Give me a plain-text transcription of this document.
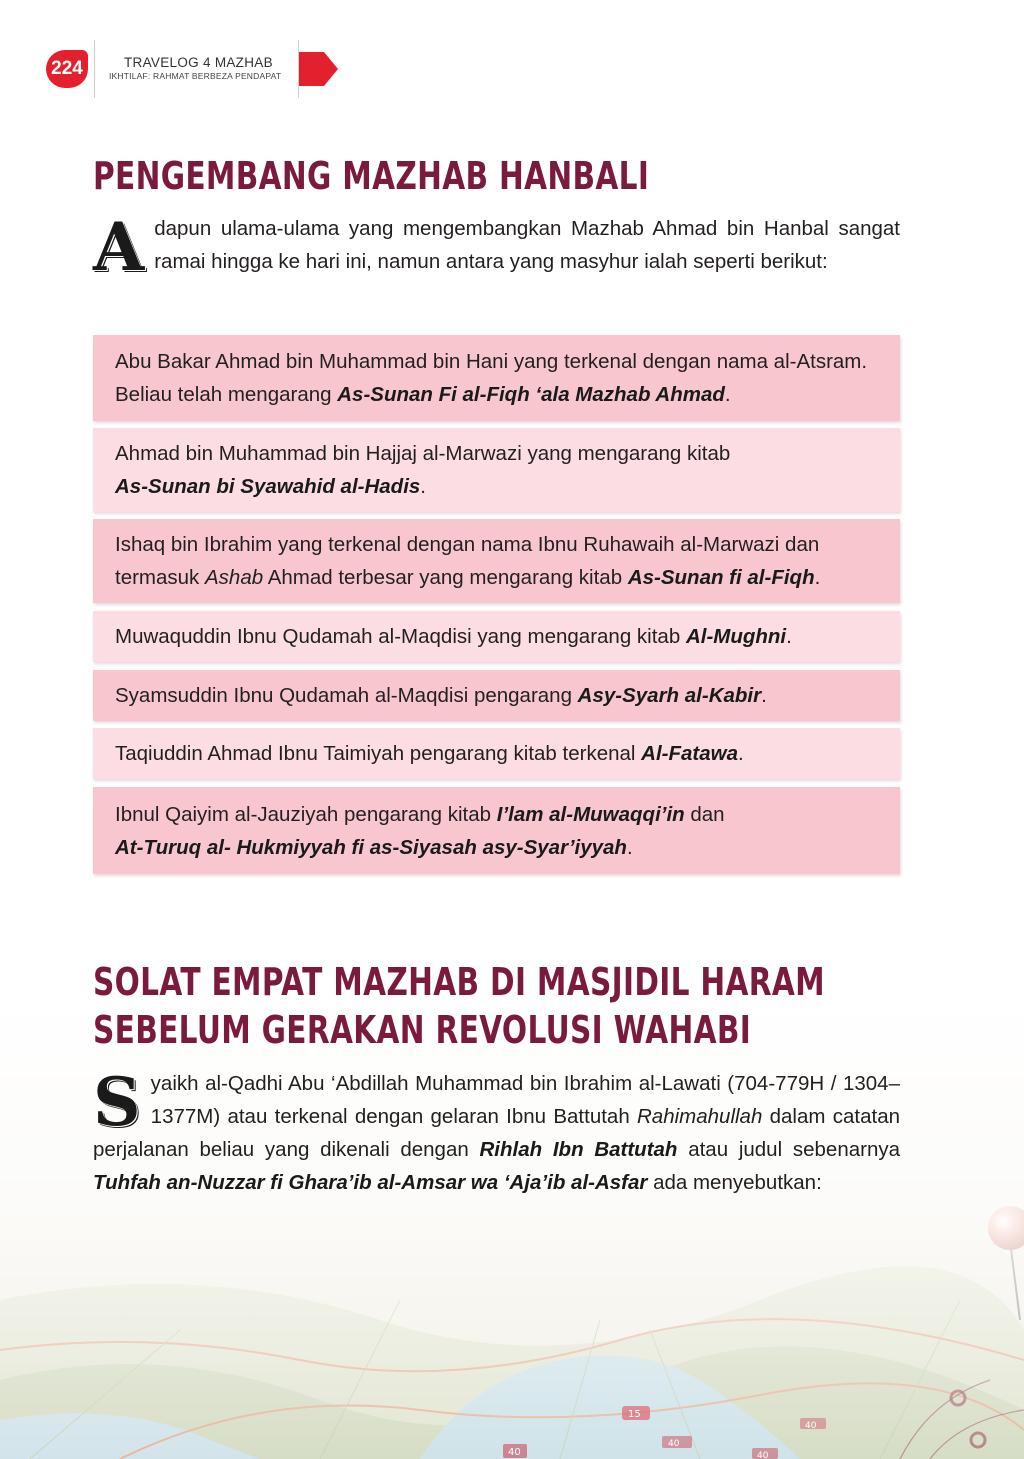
224	TRAVELOG 4 MAZHAB
IKHTILAF: RAHMAT BERBEZA PENDAPAT
PENGEMBANG MAZHAB HANBALI
Adapun ulama-ulama yang mengembangkan Mazhab Ahmad bin Hanbal sangat ramai hingga ke hari ini, namun antara yang masyhur ialah seperti berikut:
Abu Bakar Ahmad bin Muhammad bin Hani yang terkenal dengan nama al-Atsram. Beliau telah mengarang As-Sunan Fi al-Fiqh ‘ala Mazhab Ahmad.
Ahmad bin Muhammad bin Hajjaj al-Marwazi yang mengarang kitab
As-Sunan bi Syawahid al-Hadis.
Ishaq bin Ibrahim yang terkenal dengan nama Ibnu Ruhawaih al-Marwazi dan termasuk Ashab Ahmad terbesar yang mengarang kitab As-Sunan fi al-Fiqh.
Muwaquddin Ibnu Qudamah al-Maqdisi yang mengarang kitab Al-Mughni.
Syamsuddin Ibnu Qudamah al-Maqdisi pengarang Asy-Syarh al-Kabir.
Taqiuddin Ahmad Ibnu Taimiyah pengarang kitab terkenal Al-Fatawa.
Ibnul Qaiyim al-Jauziyah pengarang kitab I’lam al-Muwaqqi’in dan
At-Turuq al- Hukmiyyah fi as-Siyasah asy-Syar’iyyah.
SOLAT EMPAT MAZHAB DI MASJIDIL HARAM
SEBELUM GERAKAN REVOLUSI WAHABI
Syaikh al-Qadhi Abu ‘Abdillah Muhammad bin Ibrahim al-Lawati (704-779H / 1304–1377M) atau terkenal dengan gelaran Ibnu Battutah Rahimahullah dalam catatan perjalanan beliau yang dikenali dengan Rihlah Ibn Battutah atau judul sebenarnya Tuhfah an-Nuzzar fi Ghara’ib al-Amsar wa ‘Aja’ib al-Asfar ada menyebutkan:
